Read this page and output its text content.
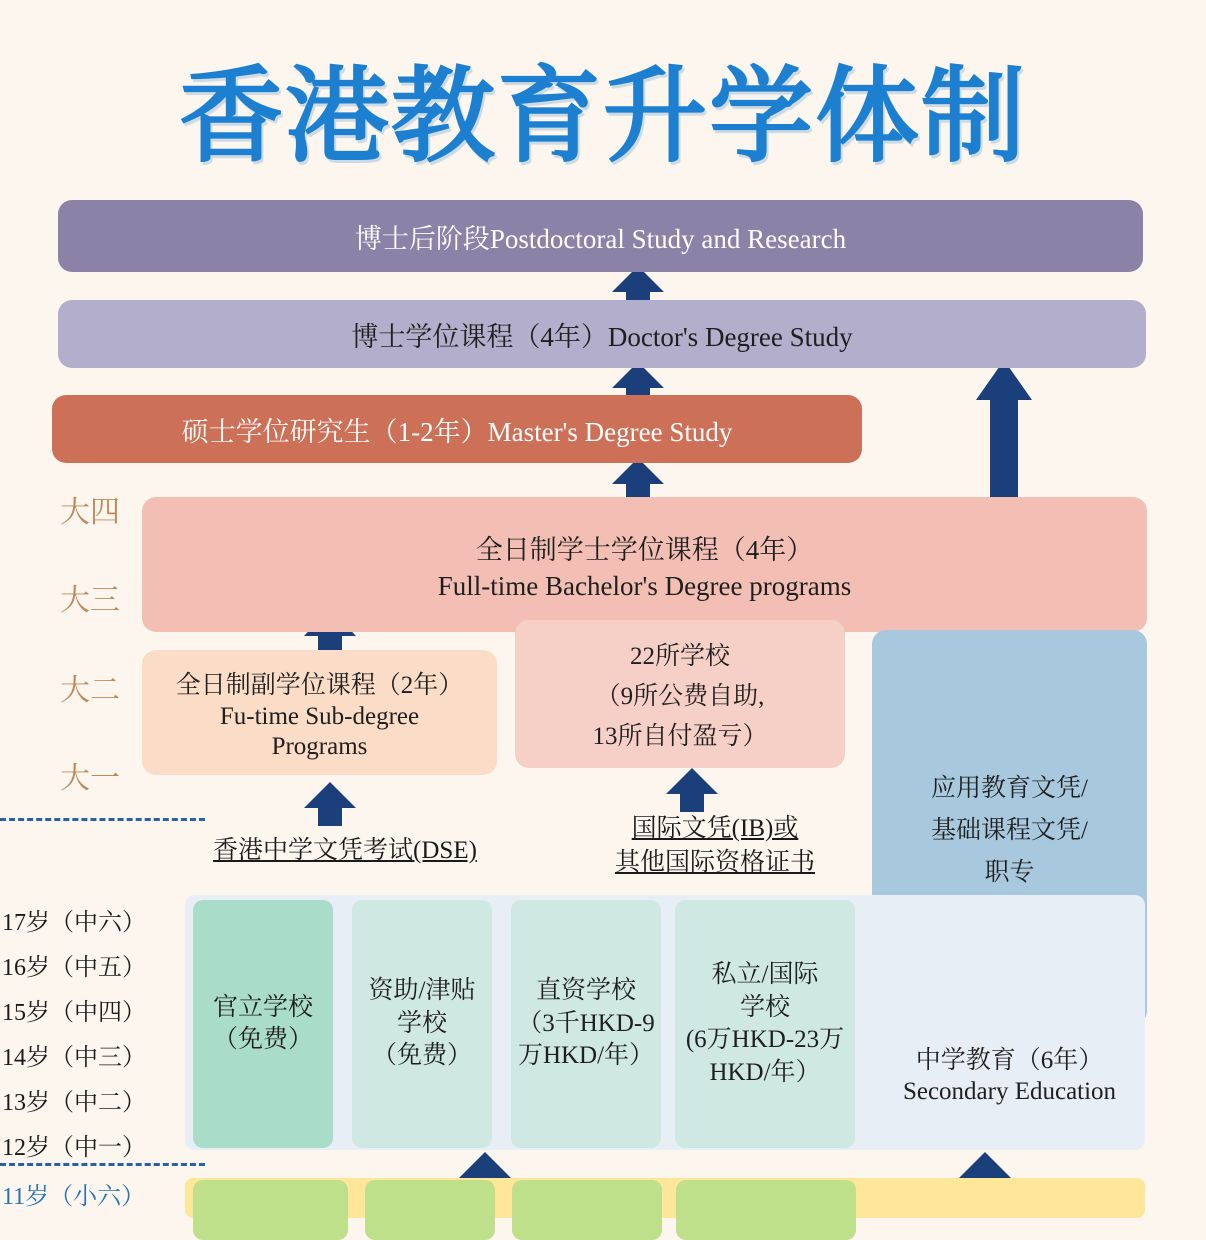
香港教育升学体制
博士后阶段Postdoctoral Study and Research
博士学位课程（4年）Doctor's Degree Study
硕士学位研究生（1-2年）Master's Degree Study
全日制学士学位课程（4年）
Full-time Bachelor's Degree programs
全日制副学位课程（2年）
Fu-time Sub-degree
Programs
22所学校
（9所公费自助,
13所自付盈亏）
应用教育文凭/
基础课程文凭/
职专
香港中学文凭考试(DSE)
国际文凭(IB)或
其他国际资格证书
中学教育（6年）
Secondary Education
官立学校
（免费）
资助/津贴
学校
（免费）
直资学校
（3千HKD-9
万HKD/年）
私立/国际
学校
(6万HKD-23万
HKD/年）
大四
大三
大二
大一
17岁（中六）
16岁（中五）
15岁（中四）
14岁（中三）
13岁（中二）
12岁（中一）
11岁（小六）
